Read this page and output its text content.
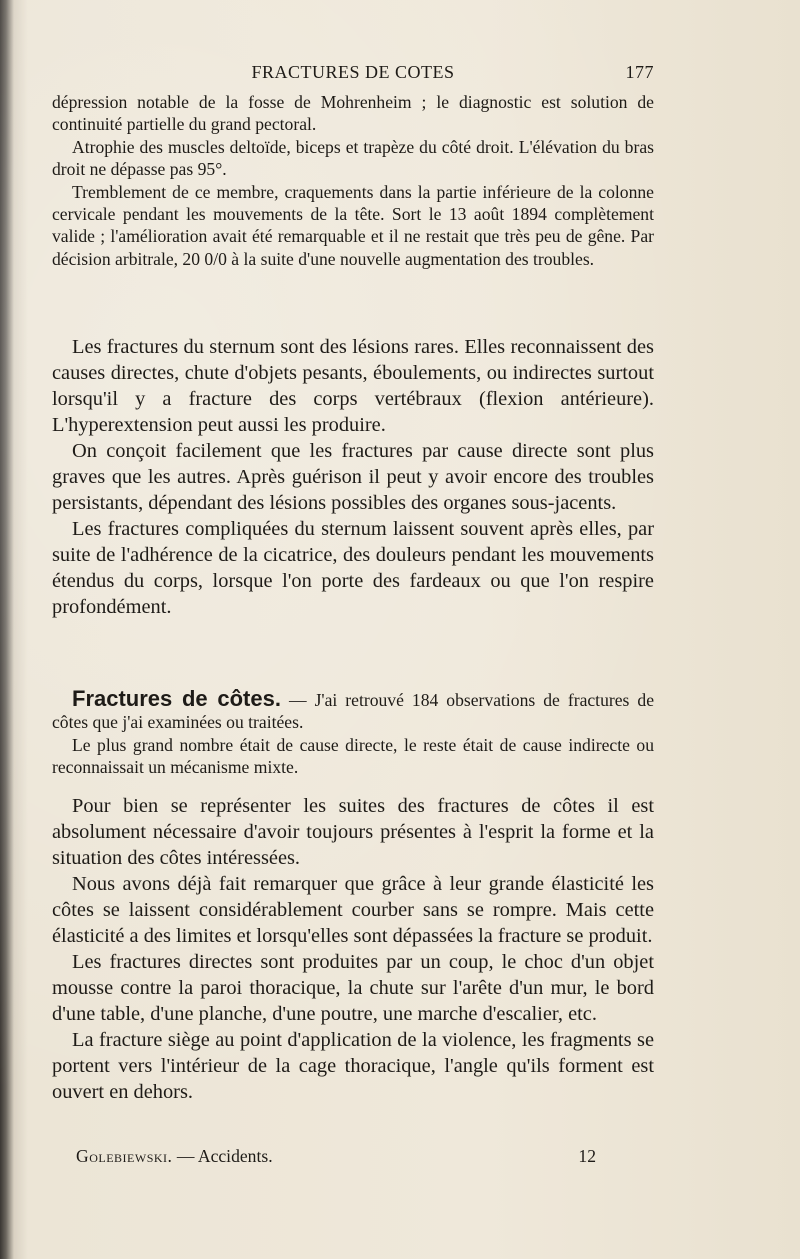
FRACTURES DE COTES	177

dépression notable de la fosse de Mohrenheim ; le diagnostic est solution de continuité partielle du grand pectoral.

Atrophie des muscles deltoïde, biceps et trapèze du côté droit. L'élévation du bras droit ne dépasse pas 95°.

Tremblement de ce membre, craquements dans la partie inférieure de la colonne cervicale pendant les mouvements de la tête. Sort le 13 août 1894 complètement valide ; l'amélioration avait été remarquable et il ne restait que très peu de gêne. Par décision arbitrale, 20 0/0 à la suite d'une nouvelle augmentation des troubles.

Les fractures du sternum sont des lésions rares. Elles reconnaissent des causes directes, chute d'objets pesants, éboulements, ou indirectes surtout lorsqu'il y a fracture des corps vertébraux (flexion antérieure). L'hyperextension peut aussi les produire.

On conçoit facilement que les fractures par cause directe sont plus graves que les autres. Après guérison il peut y avoir encore des troubles persistants, dépendant des lésions possibles des organes sous-jacents.

Les fractures compliquées du sternum laissent souvent après elles, par suite de l'adhérence de la cicatrice, des douleurs pendant les mouvements étendus du corps, lorsque l'on porte des fardeaux ou que l'on respire profondément.

Fractures de côtes. — J'ai retrouvé 184 observations de fractures de côtes que j'ai examinées ou traitées.

Le plus grand nombre était de cause directe, le reste était de cause indirecte ou reconnaissait un mécanisme mixte.

Pour bien se représenter les suites des fractures de côtes il est absolument nécessaire d'avoir toujours présentes à l'esprit la forme et la situation des côtes intéressées.

Nous avons déjà fait remarquer que grâce à leur grande élasticité les côtes se laissent considérablement courber sans se rompre. Mais cette élasticité a des limites et lorsqu'elles sont dépassées la fracture se produit.

Les fractures directes sont produites par un coup, le choc d'un objet mousse contre la paroi thoracique, la chute sur l'arête d'un mur, le bord d'une table, d'une planche, d'une poutre, une marche d'escalier, etc.

La fracture siège au point d'application de la violence, les fragments se portent vers l'intérieur de la cage thoracique, l'angle qu'ils forment est ouvert en dehors.

Golebiewski. — Accidents.	12
